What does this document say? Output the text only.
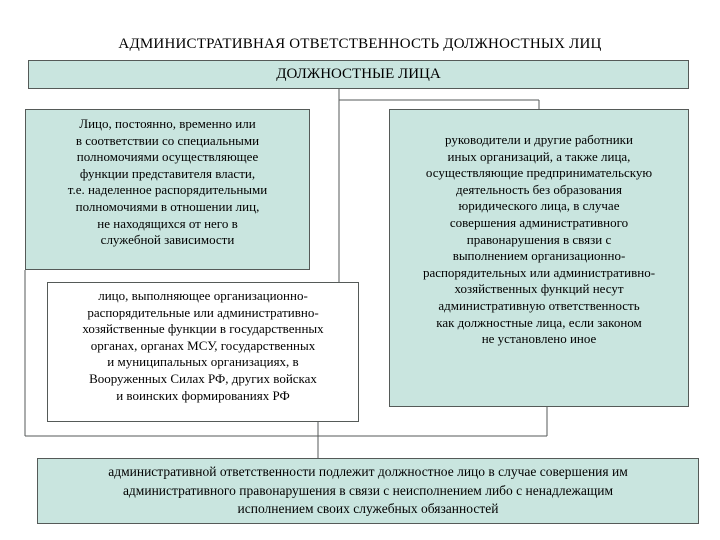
АДМИНИСТРАТИВНАЯ ОТВЕТСТВЕННОСТЬ ДОЛЖНОСТНЫХ ЛИЦ
ДОЛЖНОСТНЫЕ ЛИЦА
Лицо, постоянно, временно или
в соответствии со специальными
полномочиями осуществляющее
функции представителя власти,
т.е. наделенное распорядительными
полномочиями в отношении лиц,
не находящихся от него в
служебной зависимости
лицо, выполняющее организационно-
распорядительные или административно-
хозяйственные функции в государственных
органах, органах МСУ, государственных
и муниципальных организациях, в
Вооруженных Силах РФ, других войсках
и воинских формированиях РФ
руководители и другие работники
иных организаций, а также лица,
осуществляющие предпринимательскую
деятельность без образования
юридического лица, в случае
совершения административного
правонарушения в связи с
выполнением организационно-
распорядительных или административно-
хозяйственных функций несут
административную ответственность
как должностные лица, если законом
не установлено иное
административной ответственности подлежит должностное лицо в случае совершения им
административного правонарушения в связи с неисполнением либо с ненадлежащим
исполнением своих служебных обязанностей
